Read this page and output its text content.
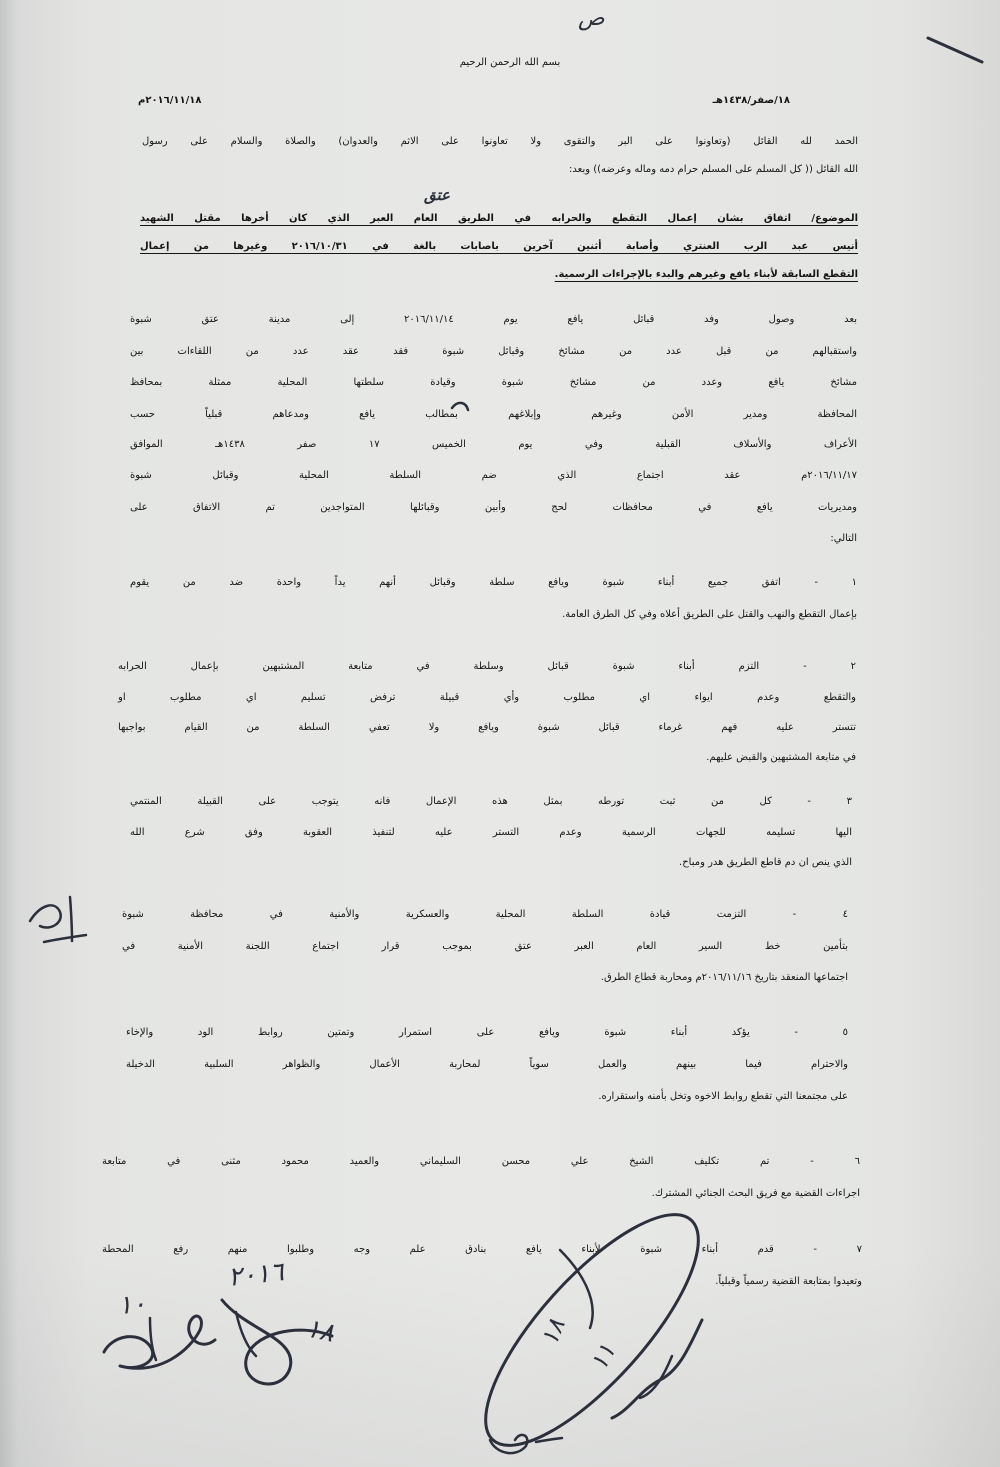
ص
بسم الله الرحمن الرحيم
١٨/صفر/١٤٣٨هـ
٢٠١٦/١١/١٨م
الحمد لله القائل (وتعاونوا على البر والتقوى ولا تعاونوا على الاثم والعدوان) والصلاة والسلام على رسول
الله القائل (( كل المسلم على المسلم حرام دمه وماله وعرضه)) وبعد:
عتق
الموضوع/ اتفاق بشان إعمال التقطع والحرابه في الطريق العام العبر الذي كان أخرها مقتل الشهيد
أنيس عبد الرب العنتري وأصابة أثنين آخرين باصابات بالغة في ٢٠١٦/١٠/٣١ وغيرها من إعمال
التقطع السابقة لأبناء يافع وغيرهم والبدء بالإجراءات الرسمية.
بعد وصول وفد قبائل يافع يوم ٢٠١٦/١١/١٤ إلى مدينة عتق شبوة
واستقبالهم من قبل عدد من مشائخ وقبائل شبوة فقد عقد عدد من اللقاءات بين
مشائخ يافع وعدد من مشائخ شبوة وقيادة سلطتها المحلية ممثلة بمحافظ
المحافظة ومدير الأمن وغيرهم وإبلاغهم بمطالب يافع ومدعاهم قبلياً حسب
الأعراف والأسلاف القبلية وفي يوم الخميس ١٧ صفر ١٤٣٨هـ الموافق
٢٠١٦/١١/١٧م عقد اجتماع الذي ضم السلطة المحلية وقبائل شبوة
ومديريات يافع في محافظات لحج وأبين وقبائلها المتواجدين تم الاتفاق على
التالي:
١ - اتفق جميع أبناء شبوة ويافع سلطة وقبائل أنهم يداً واحدة ضد من يقوم
بإعمال التقطع والنهب والقتل على الطريق أعلاه وفي كل الطرق العامة.
٢ - التزم أبناء شبوة قبائل وسلطة في متابعة المشتبهين بإعمال الحرابه
والتقطع وعدم ايواء اي مطلوب وأي قبيلة ترفض تسليم اي مطلوب او
تتستر عليه فهم غرماء قبائل شبوة ويافع ولا تعفي السلطة من القيام بواجبها
في متابعة المشتبهين والقبض عليهم.
٣ - كل من ثبت تورطه بمثل هذه الإعمال فانه يتوجب على القبيلة المنتمي
اليها تسليمه للجهات الرسمية وعدم التستر عليه لتنفيذ العقوبة وفق شرع الله
الذي ينص ان دم قاطع الطريق هدر ومباح.
٤ - التزمت قيادة السلطة المحلية والعسكرية والأمنية في محافظة شبوة
بتأمين خط السير العام العبر عتق بموجب قرار اجتماع اللجنة الأمنية في
اجتماعها المنعقد بتاريخ ٢٠١٦/١١/١٦م ومحاربة قطاع الطرق.
٥ - يؤكد أبناء شبوة ويافع على استمرار وتمتين روابط الود والإخاء
والاحترام فيما بينهم والعمل سوياً لمحاربة الأعمال والظواهر السلبية الدخيلة
على مجتمعنا التي تقطع روابط الاخوه وتخل بأمنه واستقراره.
٦ - تم تكليف الشيخ علي محسن السليماني والعميد محمود مثنى في متابعة
اجراءات القضية مع فريق البحث الجنائي المشترك.
٧ - قدم أبناء شبوة لأبناء يافع بنادق علم وجه وطلبوا منهم رفع المحطة
وتعيدوا بمتابعة القضية رسمياً وقبلياً.
١٠
٢٠١٦
١٨	١٨
١١
